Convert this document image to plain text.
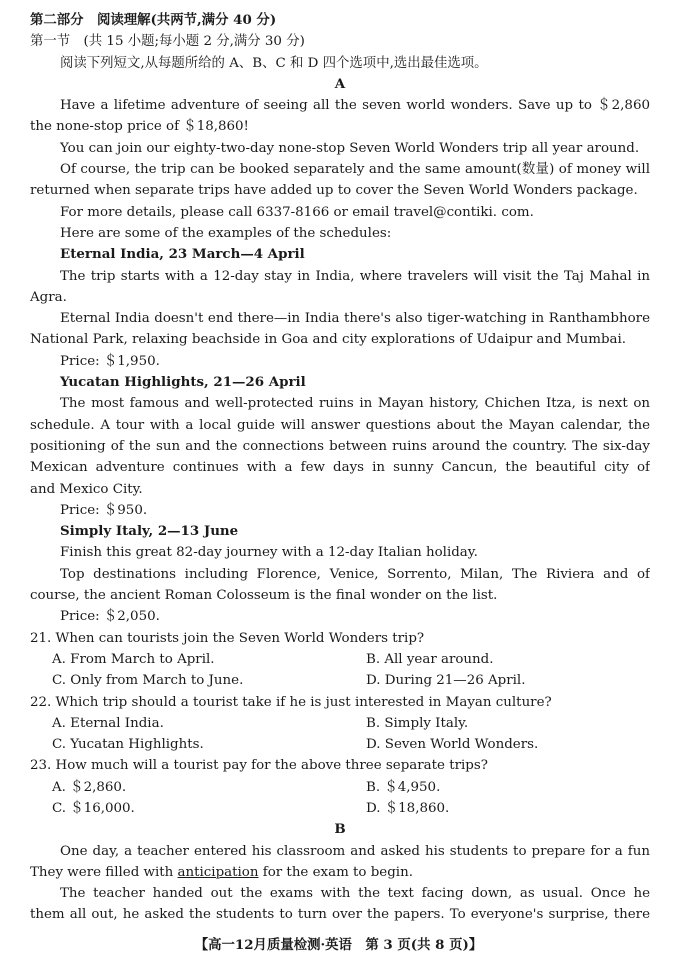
第二部分　阅读理解(共两节,满分 40 分)
第一节　(共 15 小题;每小题 2 分,满分 30 分)
阅读下列短文,从每题所给的 A、B、C 和 D 四个选项中,选出最佳选项。
A
Have a lifetime adventure of seeing all the seven world wonders. Save up to ＄2,860
the none-stop price of ＄18,860!
You can join our eighty-two-day none-stop Seven World Wonders trip all year around.
Of course, the trip can be booked separately and the same amount(数量) of money will
returned when separate trips have added up to cover the Seven World Wonders package.
For more details, please call 6337-8166 or email travel@contiki. com.
Here are some of the examples of the schedules:
Eternal India, 23 March—4 April
The trip starts with a 12-day stay in India, where travelers will visit the Taj Mahal in
Agra.
Eternal India doesn't end there—in India there's also tiger-watching in Ranthambhore
National Park, relaxing beachside in Goa and city explorations of Udaipur and Mumbai.
Price: ＄1,950.
Yucatan Highlights, 21—26 April
The most famous and well-protected ruins in Mayan history, Chichen Itza, is next on
schedule. A tour with a local guide will answer questions about the Mayan calendar, the
positioning of the sun and the connections between ruins around the country. The six-day
Mexican adventure continues with a few days in sunny Cancun, the beautiful city of
and Mexico City.
Price: ＄950.
Simply Italy, 2—13 June
Finish this great 82-day journey with a 12-day Italian holiday.
Top destinations including Florence, Venice, Sorrento, Milan, The Riviera and of
course, the ancient Roman Colosseum is the final wonder on the list.
Price: ＄2,050.
21. When can tourists join the Seven World Wonders trip?
A. From March to April.	B. All year around.
C. Only from March to June.	D. During 21—26 April.
22. Which trip should a tourist take if he is just interested in Mayan culture?
A. Eternal India.	B. Simply Italy.
C. Yucatan Highlights.	D. Seven World Wonders.
23. How much will a tourist pay for the above three separate trips?
A. ＄2,860.	B. ＄4,950.
C. ＄16,000.	D. ＄18,860.
B
One day, a teacher entered his classroom and asked his students to prepare for a fun
They were filled with anticipation for the exam to begin.
The teacher handed out the exams with the text facing down, as usual. Once he
them all out, he asked the students to turn over the papers. To everyone's surprise, there
【高一12月质量检测·英语　第 3 页(共 8 页)】
